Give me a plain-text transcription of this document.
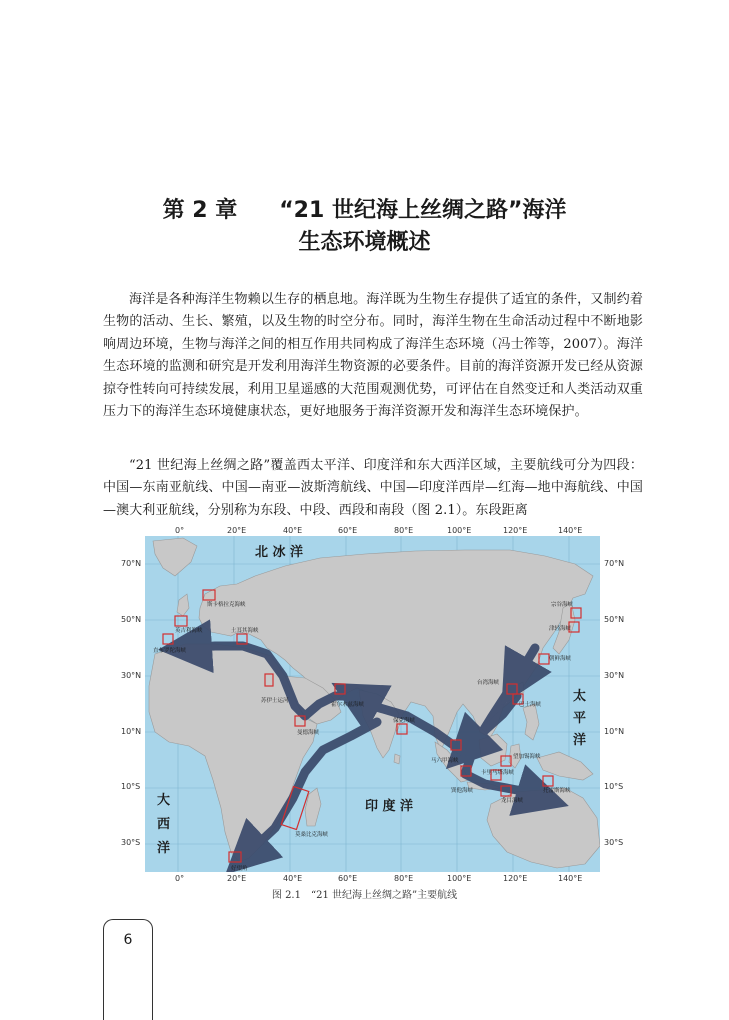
第 2 章 “21 世纪海上丝绸之路”海洋
生态环境概述

海洋是各种海洋生物赖以生存的栖息地。海洋既为生物生存提供了适宜的条件，又制约着生物的活动、生长、繁殖，以及生物的时空分布。同时，海洋生物在生命活动过程中不断地影响周边环境，生物与海洋之间的相互作用共同构成了海洋生态环境（冯士筰等，2007）。海洋生态环境的监测和研究是开发利用海洋生物资源的必要条件。目前的海洋资源开发已经从资源掠夺性转向可持续发展，利用卫星遥感的大范围观测优势，可评估在自然变迁和人类活动双重压力下的海洋生态环境健康状态，更好地服务于海洋资源开发和海洋生态环境保护。

“21 世纪海上丝绸之路”覆盖西太平洋、印度洋和东大西洋区域，主要航线可分为四段：中国—东南亚航线、中国—南亚—波斯湾航线、中国—印度洋西岸—红海—地中海航线、中国—澳大利亚航线，分别称为东段、中段、西段和南段（图 2.1）。东段距离

0°	20°E	40°E	60°E	80°E	100°E	120°E	140°E
0°	20°E	40°E	60°E	80°E	100°E	120°E	140°E
70°N
50°N
30°N
10°N
10°S
30°S
70°N
50°N
30°N
10°N
10°S
30°S
北 冰 洋
印 度 洋
太
平
洋
大
西
洋
斯卡格拉克海峡
英吉利海峡
直布罗陀海峡
土耳其海峡
苏伊士运河
霍尔木兹海峡
曼德海峡
保克海峡
马六甲海峡
巽他海峡
卡里马塔海峡
龙目海峡
望加锡海峡
托雷斯海峡
台湾海峡
巴士海峡
朝鲜海峡
津轻海峡
宗谷海峡
莫桑比克海峡
好望角
图 2.1　“21 世纪海上丝绸之路”主要航线
6
